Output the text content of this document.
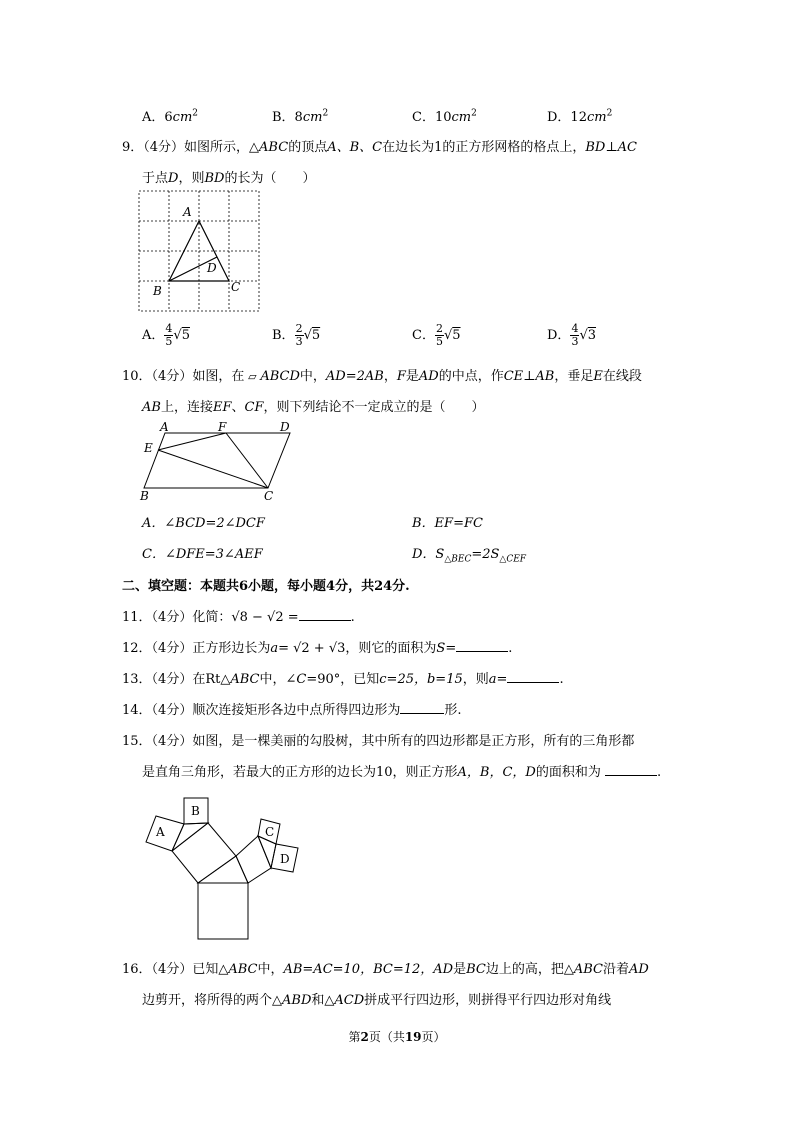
A．$6cm^2$	B．$8cm^2$	C．$10cm^2$	D．$12cm^2$
9．（4分）如图所示，△ABC的顶点A、B、C在边长为1的正方形网格的格点上，BD⊥AC
于点D，则BD的长为（　　）
A
B	C
D
A． $\frac{4}{5} √5$	B． $\frac{2}{3} √5$	C． $\frac{2}{5} √5$	D． $\frac{4}{3} √3$
10．（4分）如图，在 ▱ ABCD中，AD=2AB，F是AD的中点，作CE⊥AB，垂足E在线段
AB上，连接EF、CF，则下列结论不一定成立的是（　　）
A	F	D
E
B	C
A．∠BCD=2∠DCF	B．EF=FC
C．∠DFE=3∠AEF	D．$S_{\triangle BEC}=2S_{\triangle CEF}$
二、填空题：本题共6小题，每小题4分，共24分.
11．（4分）化简：√8 − √2 =	.
12．（4分）正方形边长为a= √2 + √3，则它的面积为S=	.
13．（4分）在Rt△ABC中，∠C=90°，已知c=25，b=15，则a=	.
14．（4分）顺次连接矩形各边中点所得四边形为	形.
15．（4分）如图，是一棵美丽的勾股树，其中所有的四边形都是正方形，所有的三角形都
是直角三角形，若最大的正方形的边长为10，则正方形A，B，C，D的面积和为	.
A
B
C
D
16．（4分）已知△ABC中，AB=AC=10，BC=12，AD是BC边上的高，把△ABC沿着AD
边剪开，将所得的两个△ABD和△ACD拼成平行四边形，则拼得平行四边形对角线
第2页（共19页）
